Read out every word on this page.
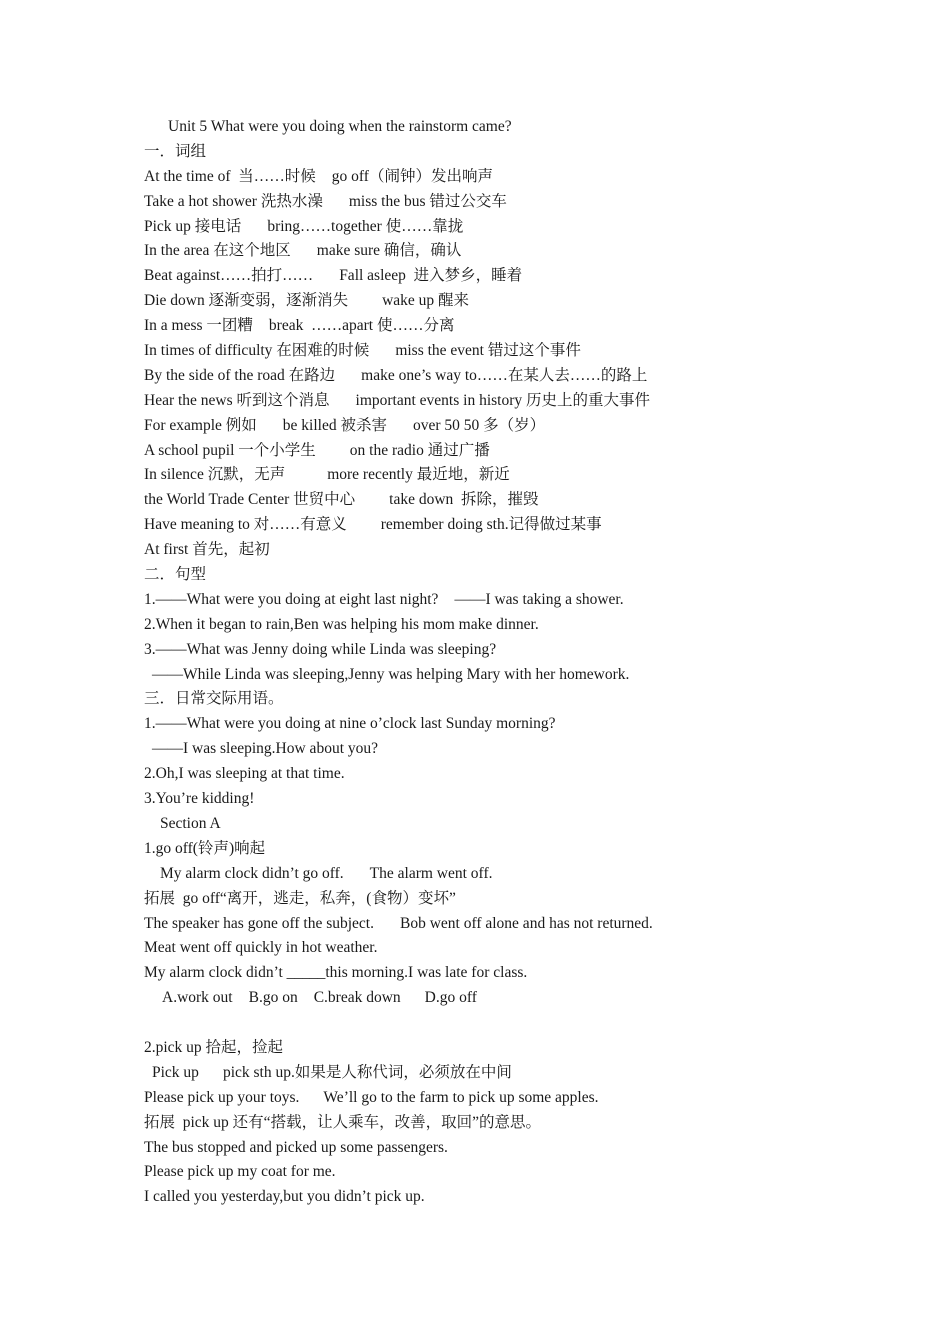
Unit 5 What were you doing when the rainstorm came?
一．词组
At the time of  当……时候 go off（闹钟）发出响声
Take a hot shower 洗热水澡 miss the bus 错过公交车
Pick up 接电话 bring……together 使……靠拢
In the area 在这个地区 make sure 确信，确认
Beat against……拍打…… Fall asleep  进入梦乡，睡着
Die down 逐渐变弱，逐渐消失 wake up 醒来
In a mess 一团糟 break  ……apart 使……分离
In times of difficulty 在困难的时候 miss the event 错过这个事件
By the side of the road 在路边 make one’s way to……在某人去……的路上
Hear the news 听到这个消息 important events in history 历史上的重大事件
For example 例如 be killed 被杀害 over 50 50 多（岁）
A school pupil 一个小学生 on the radio 通过广播
In silence 沉默，无声	more recently 最近地，新近
the World Trade Center 世贸中心 take down  拆除，摧毁
Have meaning to 对……有意义 remember doing sth.记得做过某事
At first 首先，起初
二．句型
1.——What were you doing at eight last night? ——I was taking a shower.
2.When it began to rain,Ben was helping his mom make dinner.
3.——What was Jenny doing while Linda was sleeping?
——While Linda was sleeping,Jenny was helping Mary with her homework.
三．日常交际用语。
1.——What were you doing at nine o’clock last Sunday morning?
——I was sleeping.How about you?
2.Oh,I was sleeping at that time.
3.You’re kidding!
Section A
1.go off(铃声)响起
My alarm clock didn’t go off. The alarm went off.
拓展  go off“离开，逃走，私奔，(食物）变坏”
The speaker has gone off the subject. Bob went off alone and has not returned.
Meat went off quickly in hot weather.
My alarm clock didn’t _____this morning.I was late for class.
A.work out B.go on C.break down D.go off
2.pick up 拾起，捡起
Pick up pick sth up.如果是人称代词，必须放在中间
Please pick up your toys. We’ll go to the farm to pick up some apples.
拓展  pick up 还有“搭载，让人乘车，改善，取回”的意思。
The bus stopped and picked up some passengers.
Please pick up my coat for me.
I called you yesterday,but you didn’t pick up.
